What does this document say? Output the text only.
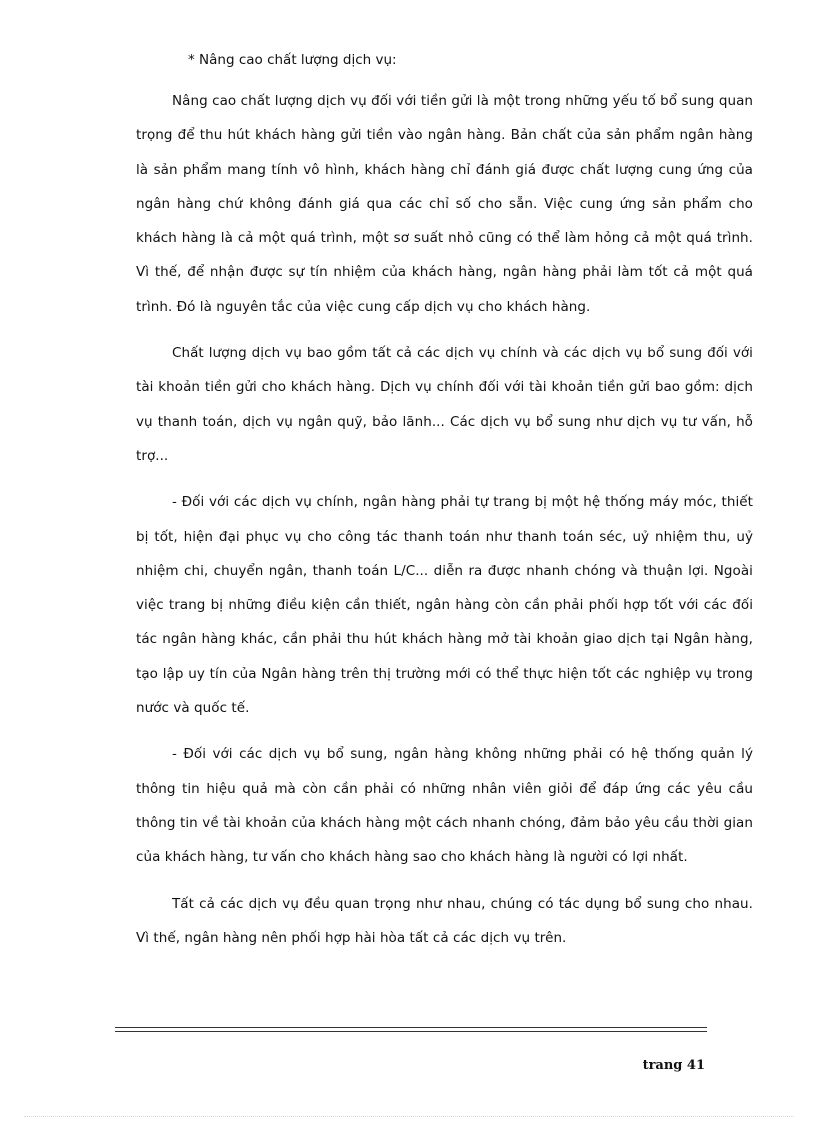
* Nâng cao chất lượng dịch vụ:

Nâng cao chất lượng dịch vụ đối với tiền gửi là một trong những yếu tố bổ sung quan trọng để thu hút khách hàng gửi tiền vào ngân hàng. Bản chất của sản phẩm ngân hàng là sản phẩm mang tính vô hình, khách hàng chỉ đánh giá được chất lượng cung ứng của ngân hàng chứ không đánh giá qua các chỉ số cho sẵn. Việc cung ứng sản phẩm cho khách hàng là cả một quá trình, một sơ suất nhỏ cũng có thể làm hỏng cả một quá trình. Vì thế, để nhận được sự tín nhiệm của khách hàng, ngân hàng phải làm tốt cả một quá trình. Đó là nguyên tắc của việc cung cấp dịch vụ cho khách hàng.

Chất lượng dịch vụ bao gồm tất cả các dịch vụ chính và các dịch vụ bổ sung đối với tài khoản tiền gửi cho khách hàng. Dịch vụ chính đối với tài khoản tiền gửi bao gồm: dịch vụ thanh toán, dịch vụ ngân quỹ, bảo lãnh... Các dịch vụ bổ sung như dịch vụ tư vấn, hỗ trợ...

- Đối với các dịch vụ chính, ngân hàng phải tự trang bị một hệ thống máy móc, thiết bị tốt, hiện đại phục vụ cho công tác thanh toán như thanh toán séc, uỷ nhiệm thu, uỷ nhiệm chi, chuyển ngân, thanh toán L/C... diễn ra được nhanh chóng và thuận lợi. Ngoài việc trang bị những điều kiện cần thiết, ngân hàng còn cần phải phối hợp tốt với các đối tác ngân hàng khác, cần phải thu hút khách hàng mở tài khoản giao dịch tại Ngân hàng, tạo lập uy tín của Ngân hàng trên thị trường mới có thể thực hiện tốt các nghiệp vụ trong nước và quốc tế.

- Đối với các dịch vụ bổ sung, ngân hàng không những phải có hệ thống quản lý thông tin hiệu quả mà còn cần phải có những nhân viên giỏi để đáp ứng các yêu cầu thông tin về tài khoản của khách hàng một cách nhanh chóng, đảm bảo yêu cầu thời gian của khách hàng, tư vấn cho khách hàng sao cho khách hàng là người có lợi nhất.

Tất cả các dịch vụ đều quan trọng như nhau, chúng có tác dụng bổ sung cho nhau. Vì thế, ngân hàng nên phối hợp hài hòa tất cả các dịch vụ trên.

trang 41
